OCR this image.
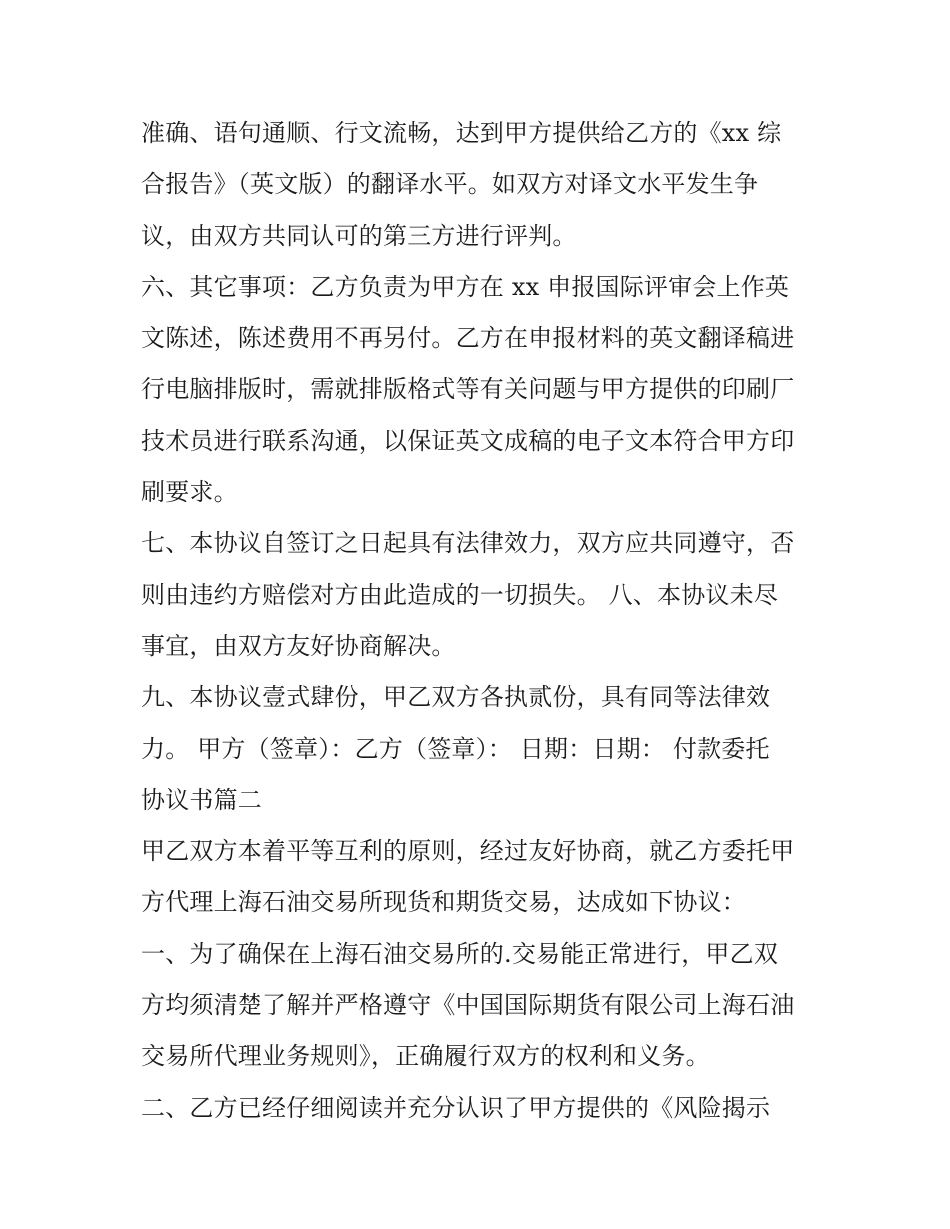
准确、语句通顺、行文流畅，达到甲方提供给乙方的《xx 综
合报告》（英文版）的翻译水平。如双方对译文水平发生争
议，由双方共同认可的第三方进行评判。
六、其它事项：乙方负责为甲方在 xx 申报国际评审会上作英
文陈述，陈述费用不再另付。乙方在申报材料的英文翻译稿进
行电脑排版时，需就排版格式等有关问题与甲方提供的印刷厂
技术员进行联系沟通，以保证英文成稿的电子文本符合甲方印
刷要求。
七、本协议自签订之日起具有法律效力，双方应共同遵守，否
则由违约方赔偿对方由此造成的一切损失。 八、本协议未尽
事宜，由双方友好协商解决。
九、本协议壹式肆份，甲乙双方各执贰份，具有同等法律效
力。 甲方（签章）：乙方（签章）： 日期：日期： 付款委托
协议书篇二
甲乙双方本着平等互利的原则，经过友好协商，就乙方委托甲
方代理上海石油交易所现货和期货交易，达成如下协议：
一、为了确保在上海石油交易所的.交易能正常进行，甲乙双
方均须清楚了解并严格遵守《中国国际期货有限公司上海石油
交易所代理业务规则》，正确履行双方的权利和义务。
二、乙方已经仔细阅读并充分认识了甲方提供的《风险揭示
